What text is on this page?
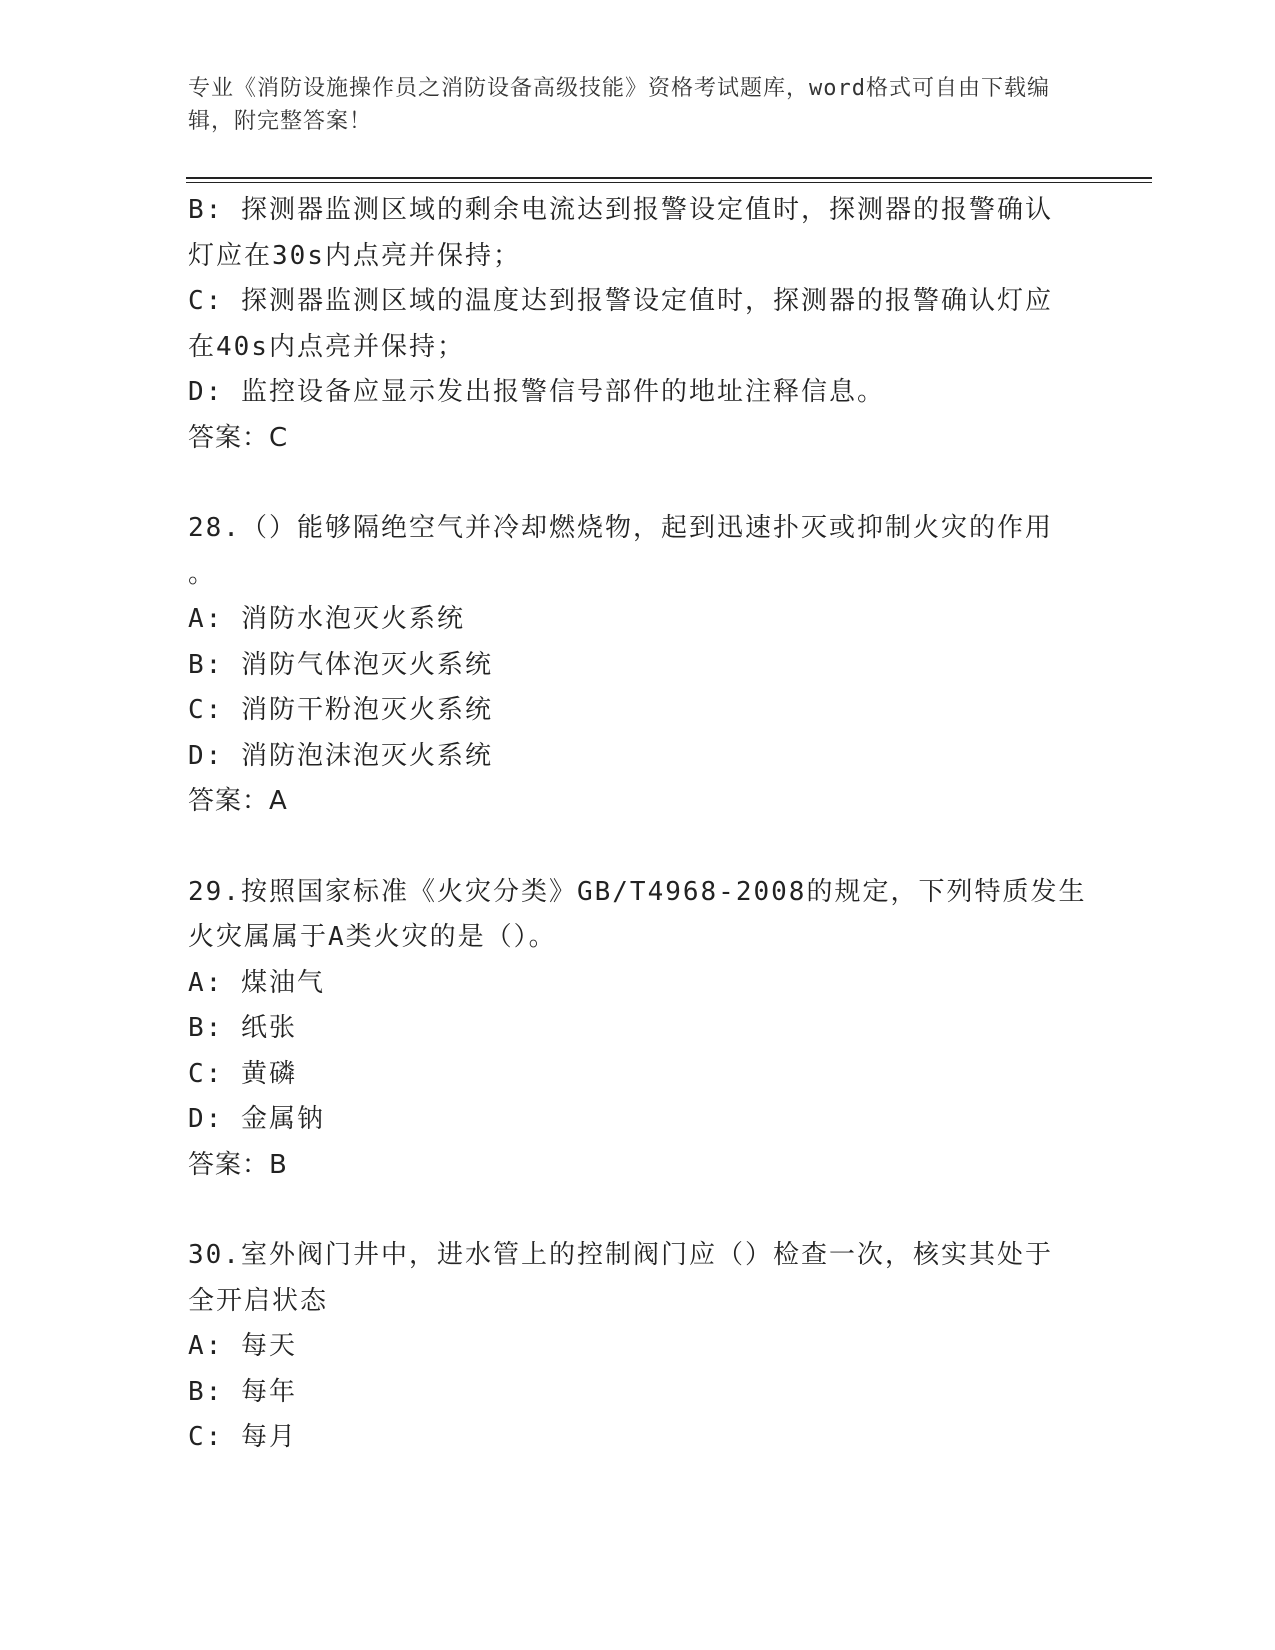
专业《消防设施操作员之消防设备高级技能》资格考试题库，word格式可自由下载编辑，附完整答案！
B: 探测器监测区域的剩余电流达到报警设定值时，探测器的报警确认灯应在30s内点亮并保持；
C: 探测器监测区域的温度达到报警设定值时，探测器的报警确认灯应在40s内点亮并保持；
D: 监控设备应显示发出报警信号部件的地址注释信息。
答案：C
28.（）能够隔绝空气并冷却燃烧物，起到迅速扑灭或抑制火灾的作用
。
A: 消防水泡灭火系统
B: 消防气体泡灭火系统
C: 消防干粉泡灭火系统
D: 消防泡沫泡灭火系统
答案：A
29.按照国家标准《火灾分类》GB/T4968-2008的规定，下列特质发生
火灾属属于A类火灾的是（）。
A: 煤油气
B: 纸张
C: 黄磷
D: 金属钠
答案：B
30.室外阀门井中，进水管上的控制阀门应（）检查一次，核实其处于
全开启状态
A: 每天
B: 每年
C: 每月
